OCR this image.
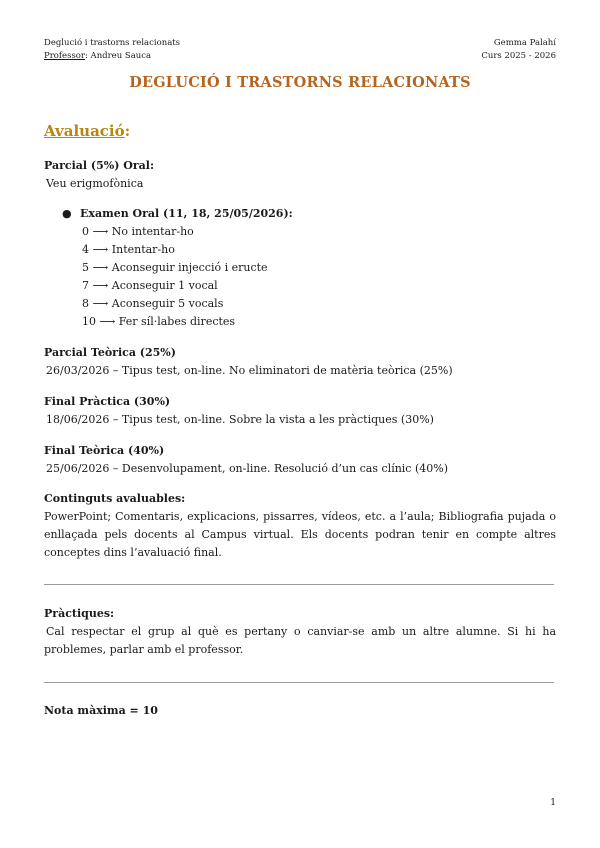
Deglució i trastorns relacionats
Professor: Andreu Sauca
Gemma Palahí
Curs 2025 - 2026
DEGLUCIÓ I TRASTORNS RELACIONATS
Avaluació:
Parcial (5%) Oral:
Veu erigmofònica
● Examen Oral (11, 18, 25/05/2026):
0 ⟶ No intentar-ho
4 ⟶ Intentar-ho
5 ⟶ Aconseguir injecció i eructe
7 ⟶ Aconseguir 1 vocal
8 ⟶ Aconseguir 5 vocals
10 ⟶ Fer síl·labes directes
Parcial Teòrica (25%)
26/03/2026 – Tipus test, on-line. No eliminatori de matèria teòrica (25%)
Final Pràctica (30%)
18/06/2026 – Tipus test, on-line. Sobre la vista a les pràctiques (30%)
Final Teòrica (40%)
25/06/2026 – Desenvolupament, on-line. Resolució d’un cas clínic (40%)
Continguts avaluables:
PowerPoint; Comentaris, explicacions, pissarres, vídeos, etc. a l’aula; Bibliografia pujada o enllaçada pels docents al Campus virtual. Els docents podran tenir en compte altres conceptes dins l’avaluació final.
Pràctiques:
Cal respectar el grup al què es pertany o canviar-se amb un altre alumne. Si hi ha problemes, parlar amb el professor.
Nota màxima = 10
1
